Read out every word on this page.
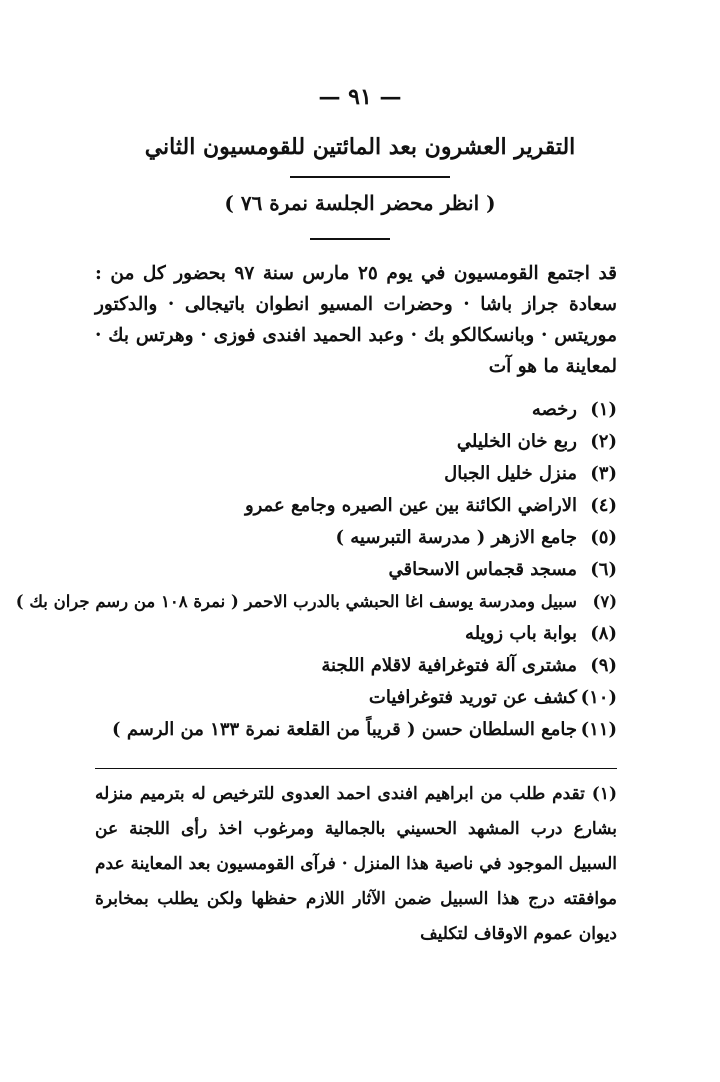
— ٩١ —
التقرير العشرون بعد المائتين للقومسيون الثاني
( انظر محضر الجلسة نمرة ٧٦ )
قد اجتمع القومسيون في يوم ٢٥ مارس سنة ٩٧ بحضور كل من : سعادة جراز باشا · وحضرات المسيو انطوان باتيجالى · والدكتور موريتس · وبانسكالكو بك · وعبد الحميد افندى فوزى · وهرتس بك · لمعاينة ما هو آت
(١)
رخصه
(٢)
ربع خان الخليلي
(٣)
منزل خليل الجبال
(٤)
الاراضي الكائنة بين عين الصيره وجامع عمرو
(٥)
جامع الازهر ( مدرسة التبرسيه )
(٦)
مسجد قجماس الاسحاقي
(٧)
سبيل ومدرسة يوسف اغا الحبشي بالدرب الاحمر ( نمرة ١٠٨ من رسم جران بك )
(٨)
بوابة باب زويله
(٩)
مشترى آلة فتوغرافية لاقلام اللجنة
(١٠)
كشف عن توريد فتوغرافيات
(١١)
جامع السلطان حسن ( قريباً من القلعة نمرة ١٣٣ من الرسم )
(١) تقدم طلب من ابراهيم افندى احمد العدوى للترخيص له بترميم منزله بشارع درب المشهد الحسيني بالجمالية ومرغوب اخذ رأى اللجنة عن السبيل الموجود في ناصية هذا المنزل · فرآى القومسيون بعد المعاينة عدم موافقته درج هذا السبيل ضمن الآثار اللازم حفظها ولكن يطلب بمخابرة ديوان عموم الاوقاف لتكليف
